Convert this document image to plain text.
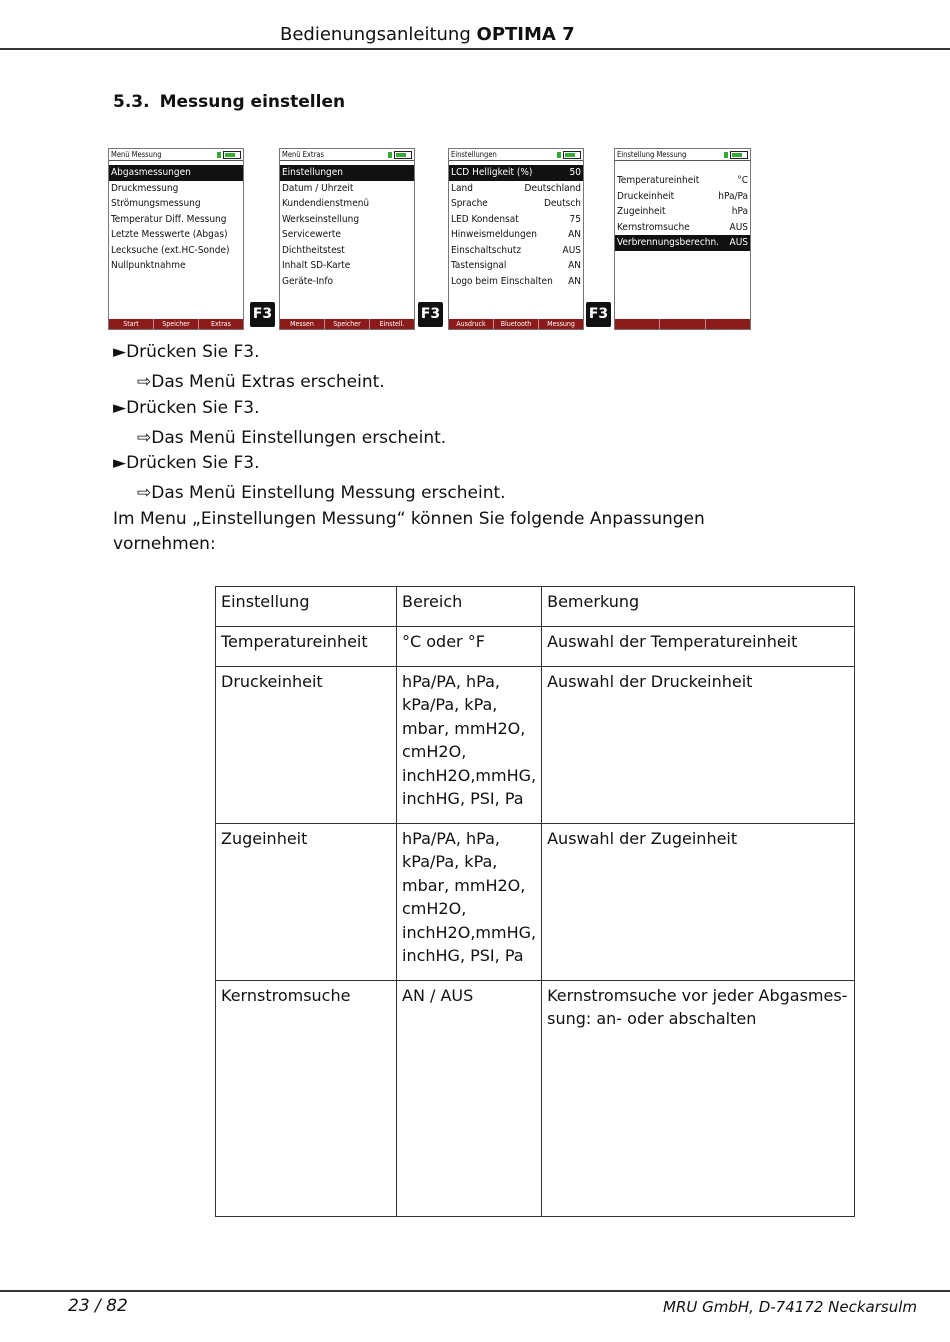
Bedienungsanleitung OPTIMA 7
5.3. Messung einstellen
Menü Messung
Abgasmessungen
Druckmessung
Strömungsmessung
Temperatur Diff. Messung
Letzte Messwerte (Abgas)
Lecksuche (ext.HC-Sonde)
Nullpunktnahme
Start	Speicher	Extras
F3
Menü Extras
Einstellungen
Datum / Uhrzeit
Kundendienstmenü
Werkseinstellung
Servicewerte
Dichtheitstest
Inhalt SD-Karte
Geräte-Info
Messen	Speicher	Einstell.
F3
Einstellungen
LCD Helligkeit (%)	50
Land	Deutschland
Sprache	Deutsch
LED Kondensat	75
Hinweismeldungen	AN
Einschaltschutz	AUS
Tastensignal	AN
Logo beim Einschalten AN
Ausdruck	Bluetooth	Messung
F3
Einstellung Messung
Temperatureinheit	°C
Druckeinheit	hPa/Pa
Zugeinheit	hPa
Kernstromsuche	AUS
Verbrennungsberechn. AUS
►Drücken Sie F3.
⇨Das Menü Extras erscheint.
►Drücken Sie F3.
⇨Das Menü Einstellungen erscheint.
►Drücken Sie F3.
⇨Das Menü Einstellung Messung erscheint.
Im Menu „Einstellungen Messung“ können Sie folgende Anpassungen vornehmen:
Einstellung	Bereich	Bemerkung
Temperatureinheit	°C oder °F	Auswahl der Temperatureinheit
Druckeinheit	hPa/PA, hPa, kPa/Pa, kPa, mbar, mmH2O, cmH2O, inchH2O,mmHG, inchHG, PSI, Pa	Auswahl der Druckeinheit
Zugeinheit	hPa/PA, hPa, kPa/Pa, kPa, mbar, mmH2O, cmH2O, inchH2O,mmHG, inchHG, PSI, Pa	Auswahl der Zugeinheit
Kernstromsuche	AN / AUS	Kernstromsuche vor jeder Abgasmes-sung: an- oder abschalten
23 / 82	MRU GmbH, D-74172 Neckarsulm
